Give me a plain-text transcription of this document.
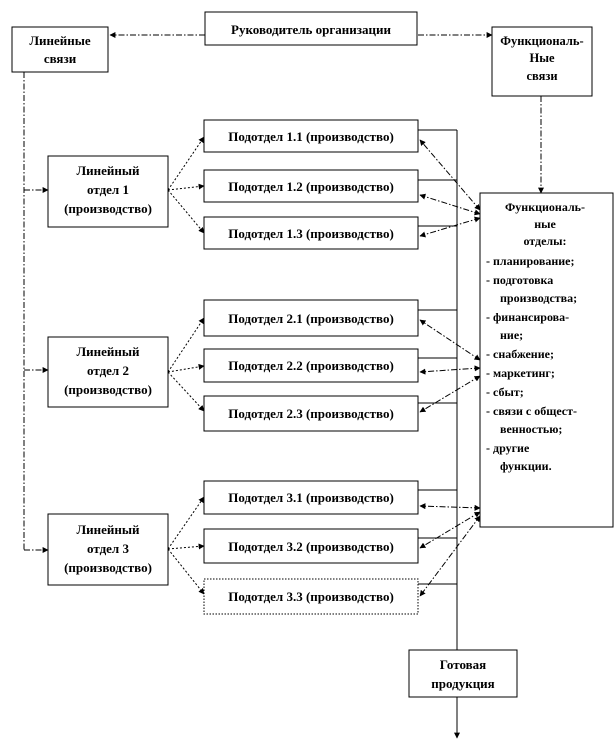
Руководитель организации
Линейные
связи
Функциональ-
Ные
связи
Линейный
отдел 1
(производство)
Линейный
отдел 2
(производство)
Линейный
отдел 3
(производство)
Подотдел 1.1 (производство)
Подотдел 1.2 (производство)
Подотдел 1.3 (производство)
Подотдел 2.1 (производство)
Подотдел 2.2 (производство)
Подотдел 2.3 (производство)
Подотдел 3.1 (производство)
Подотдел 3.2 (производство)
Подотдел 3.3 (производство)
Функциональ-
ные
отделы:
- планирование;
- подготовка
производства;
- финансирова-
ние;
- снабжение;
- маркетинг;
- сбыт;
- связи с общест-
венностью;
- другие
функции.
Готовая
продукция
